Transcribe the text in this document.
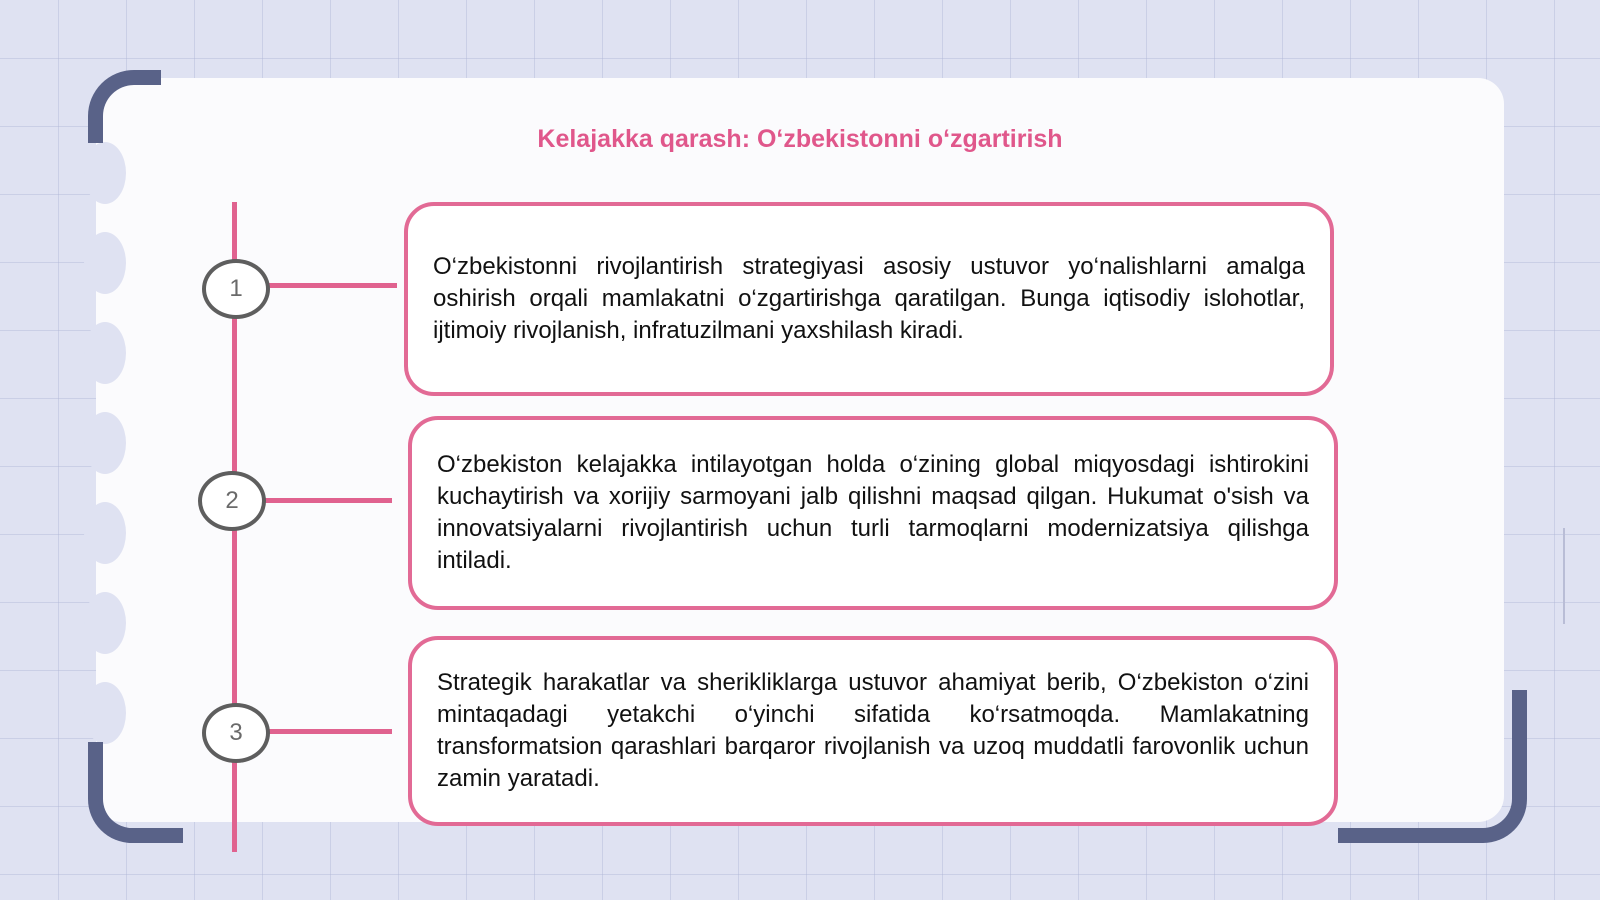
Kelajakka qarash: O‘zbekistonni o‘zgartirish
1

O‘zbekistonni rivojlantirish strategiyasi asosiy ustuvor yo‘nalishlarni amalga oshirish orqali mamlakatni o‘zgartirishga qaratilgan. Bunga iqtisodiy islohotlar, ijtimoiy rivojlanish, infratuzilmani yaxshilash kiradi.

2

O‘zbekiston kelajakka intilayotgan holda o‘zining global miqyosdagi ishtirokini kuchaytirish va xorijiy sarmoyani jalb qilishni maqsad qilgan. Hukumat o'sish va innovatsiyalarni rivojlantirish uchun turli tarmoqlarni modernizatsiya qilishga intiladi.

3

Strategik harakatlar va sherikliklarga ustuvor ahamiyat berib, O‘zbekiston o‘zini mintaqadagi yetakchi o‘yinchi sifatida ko‘rsatmoqda. Mamlakatning transformatsion qarashlari barqaror rivojlanish va uzoq muddatli farovonlik uchun zamin yaratadi.
